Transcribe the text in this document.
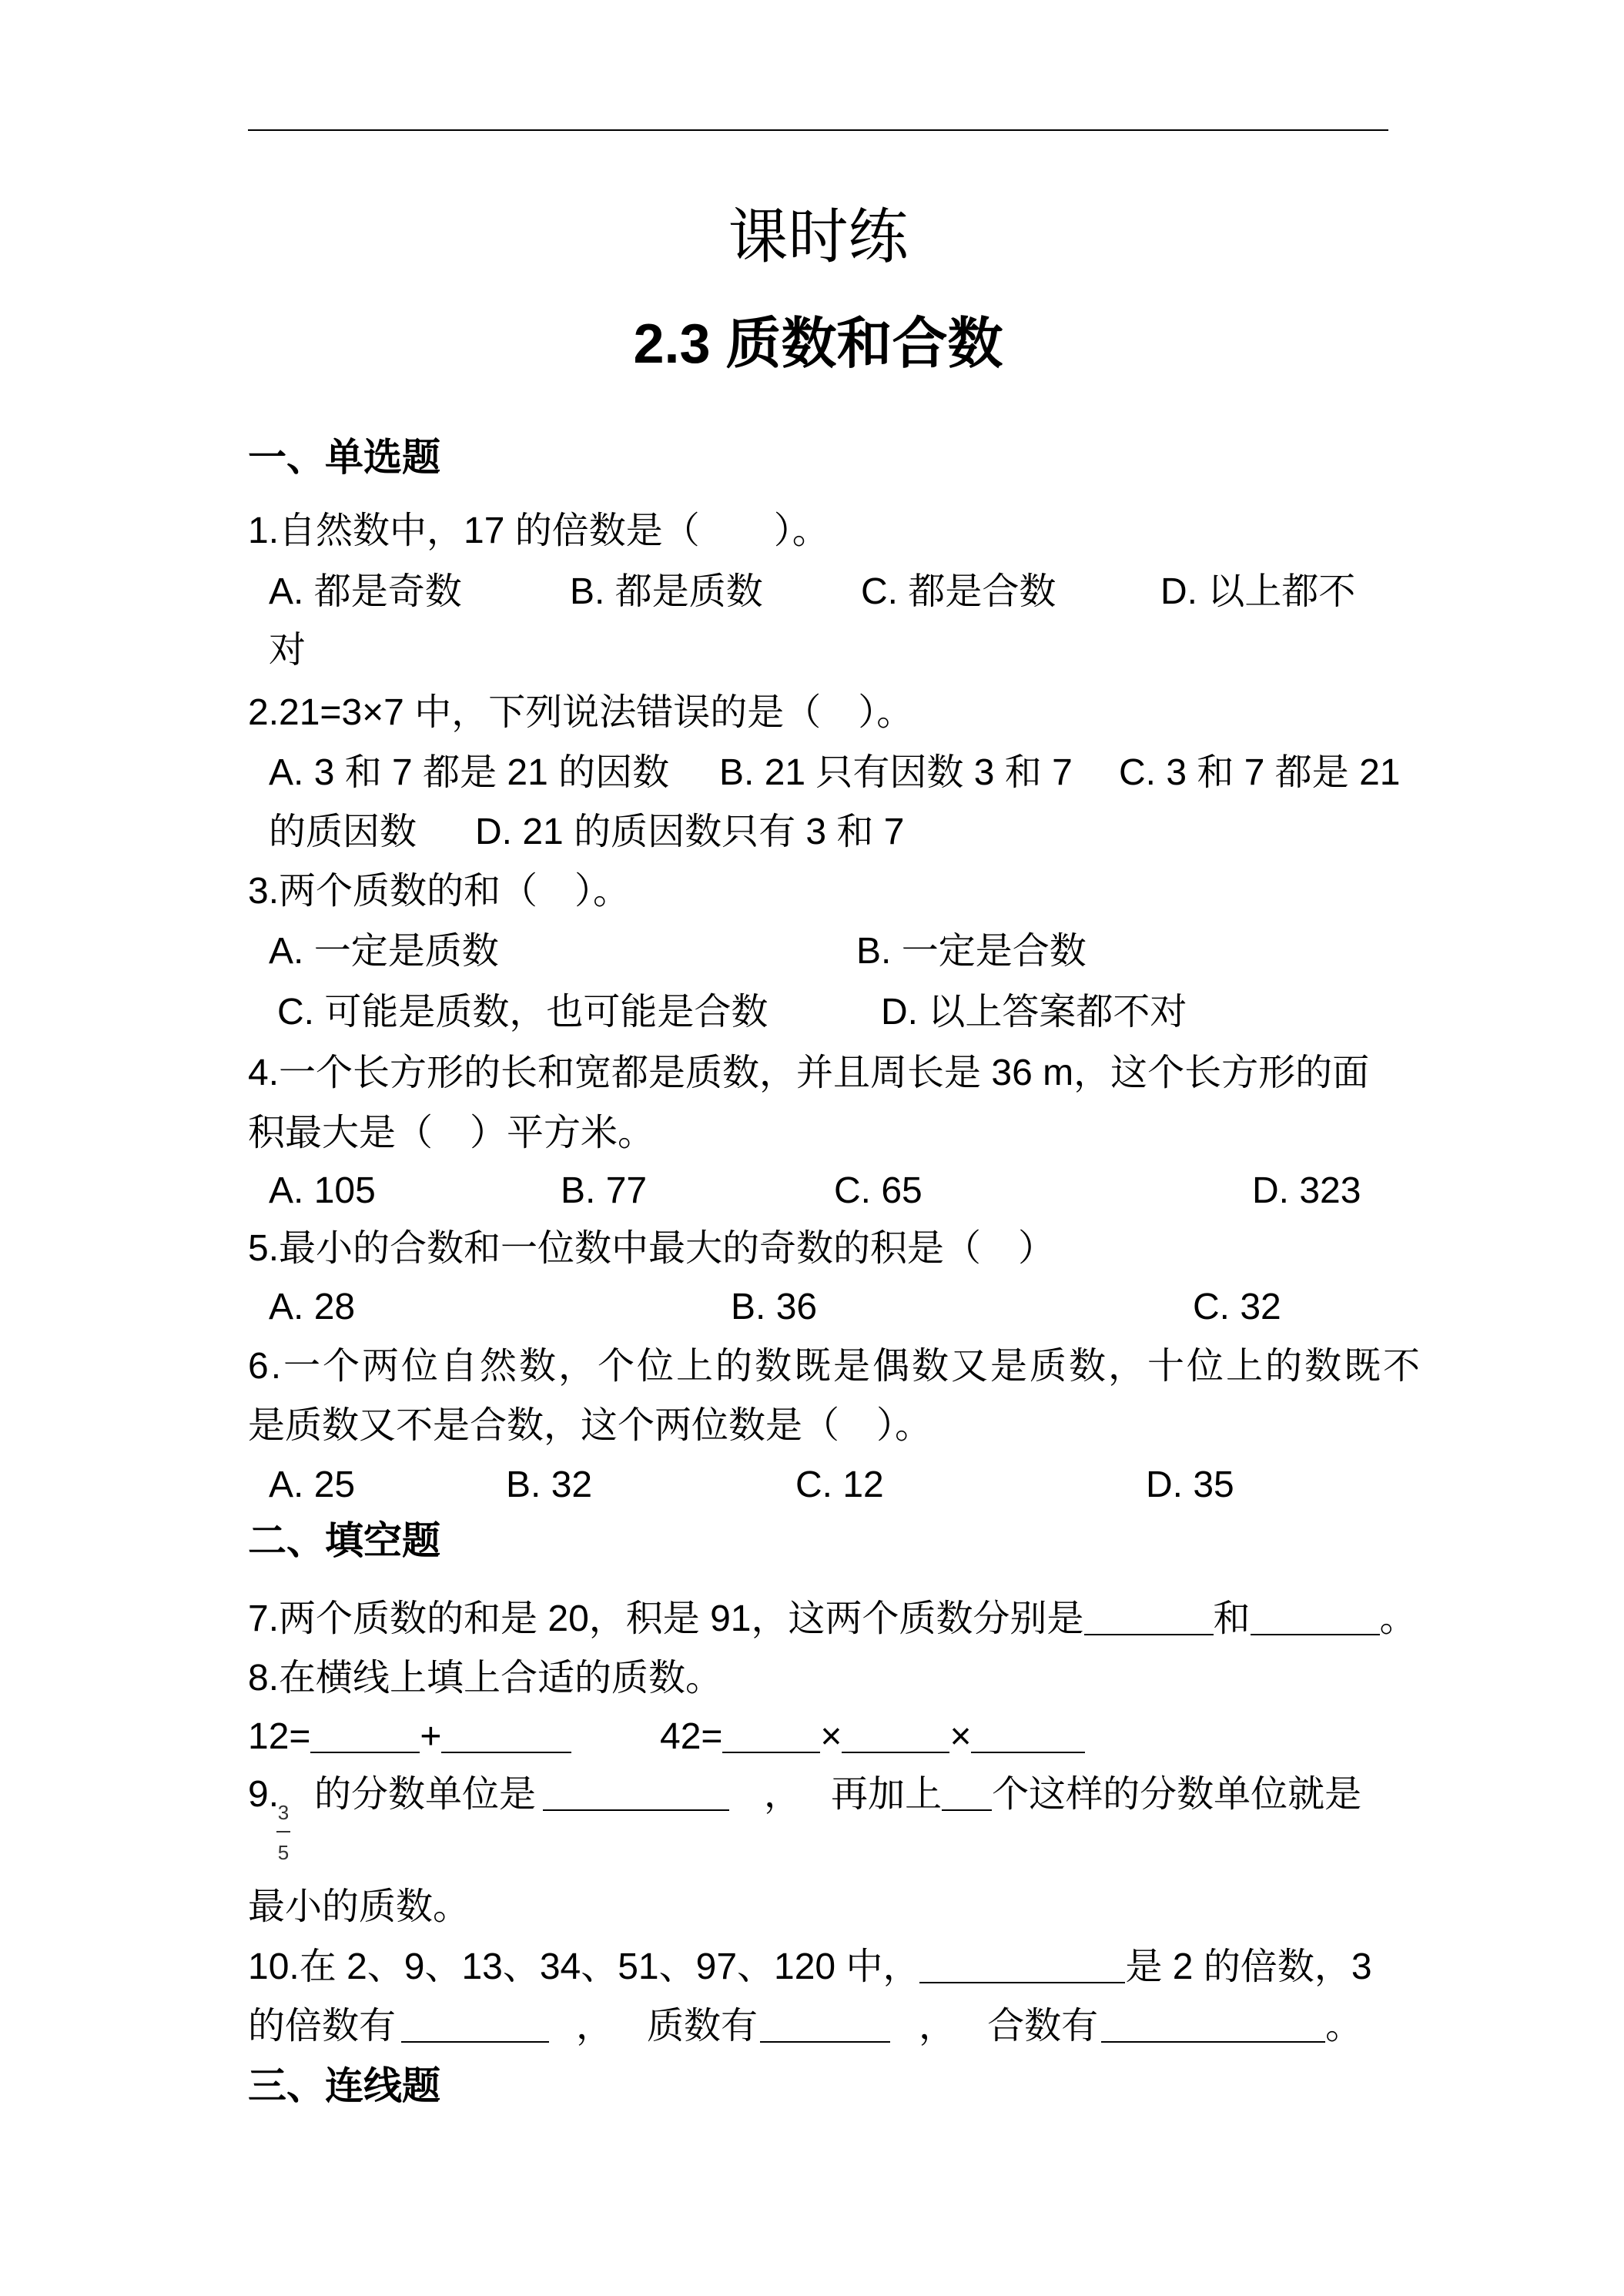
课时练
2.3 质数和合数
一、单选题
1.自然数中，17 的倍数是（　　）。
A. 都是奇数	B. 都是质数	C. 都是合数	D. 以上都不
对
2.21=3×7 中，下列说法错误的是（　）。
A. 3 和 7 都是 21 的因数 B. 21 只有因数 3 和 7 C. 3 和 7 都是 21
的质因数 D. 21 的质因数只有 3 和 7
3.两个质数的和（　）。
A. 一定是质数	B. 一定是合数
C. 可能是质数，也可能是合数	D. 以上答案都不对
4.一个长方形的长和宽都是质数，并且周长是 36 m，这个长方形的面
积最大是（　）平方米。
A. 105	B. 77	C. 65	D. 323
5.最小的合数和一位数中最大的奇数的积是（　）
A. 28	B. 36	C. 32
6.一个两位自然数，个位上的数既是偶数又是质数，十位上的数既不
是质数又不是合数，这个两位数是（　）。
A. 25	B. 32	C. 12	D. 35
二、填空题
7.两个质数的和是 20，积是 91，这两个质数分别是	和	。
8.在横线上填上合适的质数。
12=	+	42=	×	×
9. 的分数单位是	， 再加上 个这样的分数单位就是
3
5
最小的质数。
10.在 2、9、13、34、51、97、120 中，	是 2 的倍数，3
的倍数有	， 质数有	， 合数有	。
三、连线题
